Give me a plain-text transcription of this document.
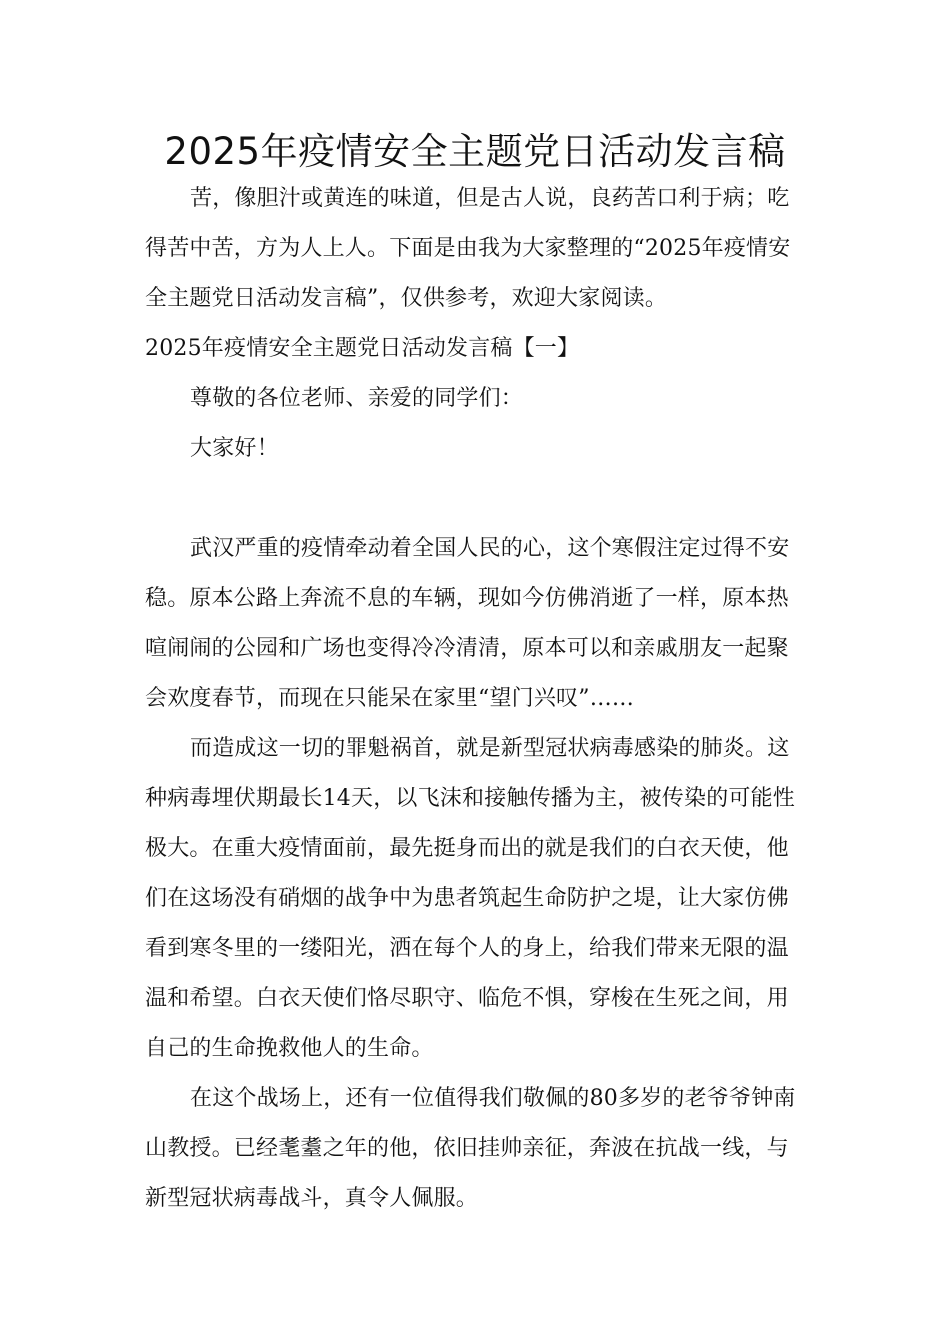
2025年疫情安全主题党日活动发言稿
苦，像胆汁或黄连的味道，但是古人说，良药苦口利于病；吃
得苦中苦，方为人上人。下面是由我为大家整理的“2025年疫情安
全主题党日活动发言稿”，仅供参考，欢迎大家阅读。
2025年疫情安全主题党日活动发言稿【一】
尊敬的各位老师、亲爱的同学们：
大家好！
武汉严重的疫情牵动着全国人民的心，这个寒假注定过得不安
稳。原本公路上奔流不息的车辆，现如今仿佛消逝了一样，原本热
喧闹闹的公园和广场也变得冷冷清清，原本可以和亲戚朋友一起聚
会欢度春节，而现在只能呆在家里“望门兴叹”……
而造成这一切的罪魁祸首，就是新型冠状病毒感染的肺炎。这
种病毒埋伏期最长14天，以飞沫和接触传播为主，被传染的可能性
极大。在重大疫情面前，最先挺身而出的就是我们的白衣天使，他
们在这场没有硝烟的战争中为患者筑起生命防护之堤，让大家仿佛
看到寒冬里的一缕阳光，洒在每个人的身上，给我们带来无限的温
温和希望。白衣天使们恪尽职守、临危不惧，穿梭在生死之间，用
自己的生命挽救他人的生命。
在这个战场上，还有一位值得我们敬佩的80多岁的老爷爷钟南
山教授。已经耄耋之年的他，依旧挂帅亲征，奔波在抗战一线，与
新型冠状病毒战斗，真令人佩服。
